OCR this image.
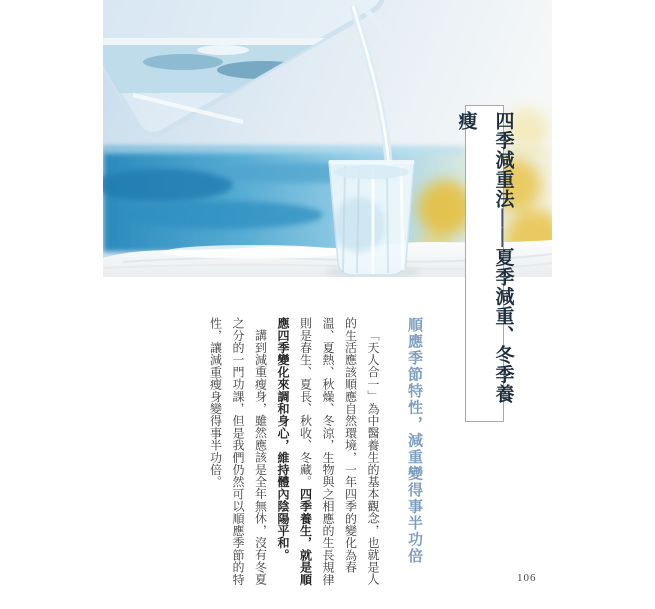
四季減重法——夏季減重、冬季養瘦
順應季節特性，減重變得事半功倍

「天人合一」為中醫養生的基本觀念，也就是人的生活應該順應自然環境，一年四季的變化為春溫、夏熱、秋燥、冬涼，生物與之相應的生長規律則是春生、夏長、秋收、冬藏。四季養生，就是順應四季變化來調和身心，維持體內陰陽平和。

講到減重瘦身，雖然應該是全年無休，沒有冬夏之分的一門功課，但是我們仍然可以順應季節的特性，讓減重瘦身變得事半功倍。

106
